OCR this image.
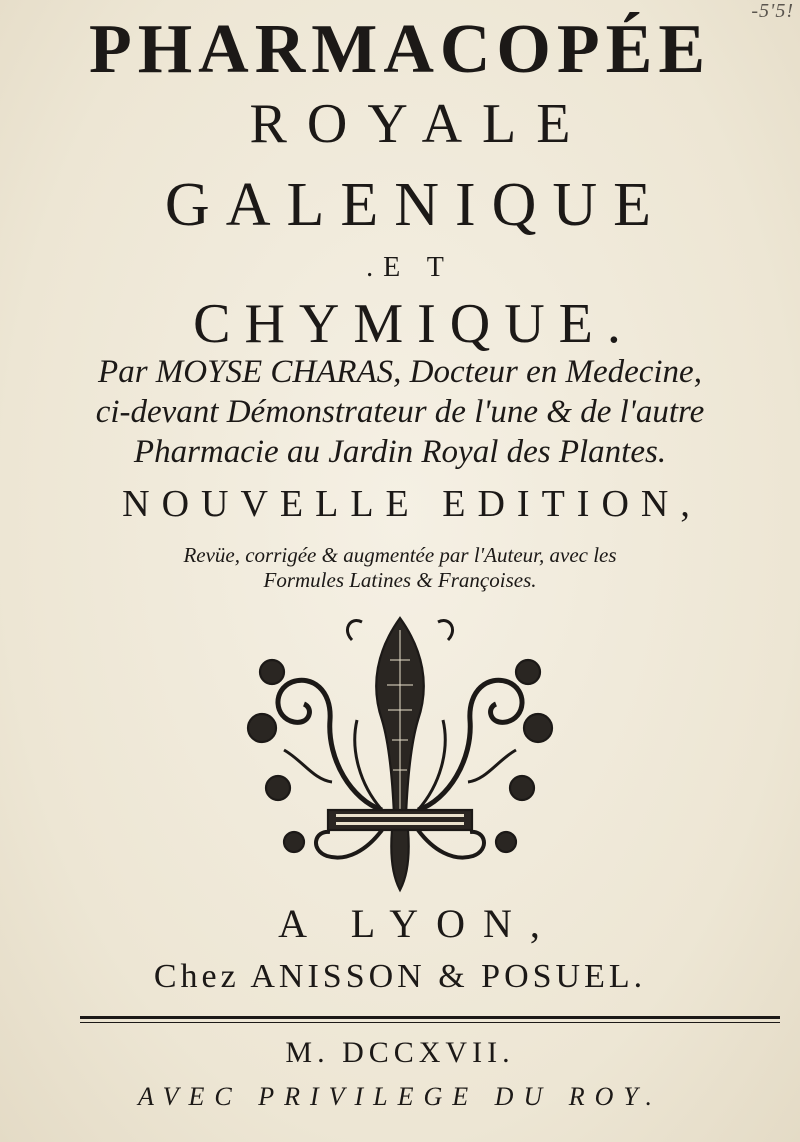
-5'5!
PHARMACOPÉE
ROYALE
GALENIQUE
.E T
CHYMIQUE.
Par MOYSE CHARAS, Docteur en Medecine,
ci-devant Démonstrateur de l'une & de l'autre
Pharmacie au Jardin Royal des Plantes.
NOUVELLE EDITION,
Revüe, corrigée & augmentée par l'Auteur, avec les
Formules Latines & Françoises.
A LYON,
Chez ANISSON & POSUEL.
M. DCCXVII.
AVEC PRIVILEGE DU ROY.
